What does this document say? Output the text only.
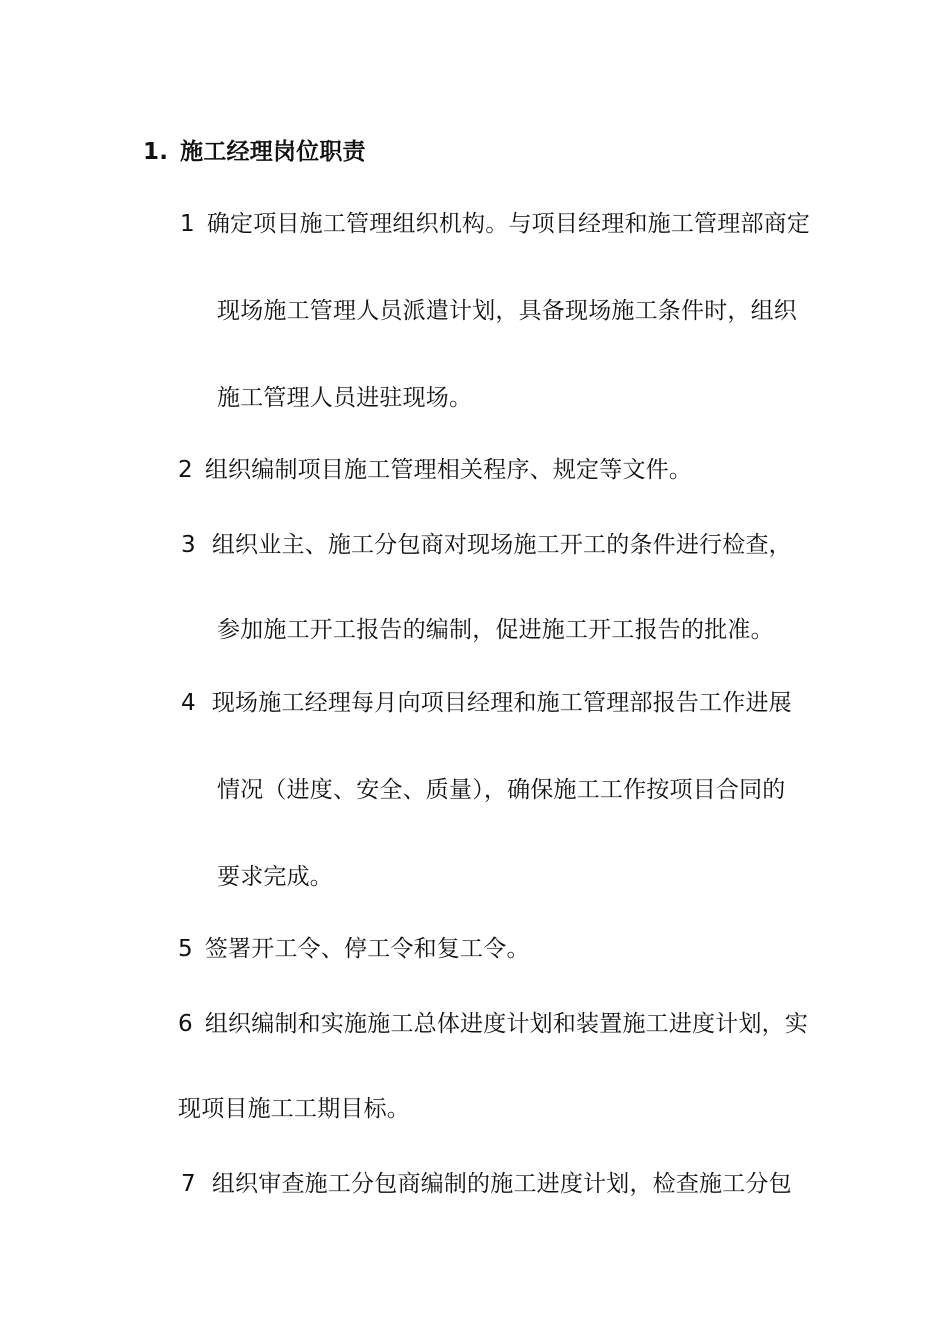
1. 施工经理岗位职责
1 确定项目施工管理组织机构。与项目经理和施工管理部商定
现场施工管理人员派遣计划，具备现场施工条件时，组织
施工管理人员进驻现场。
2 组织编制项目施工管理相关程序、规定等文件。
3 组织业主、施工分包商对现场施工开工的条件进行检查，
参加施工开工报告的编制，促进施工开工报告的批准。
4 现场施工经理每月向项目经理和施工管理部报告工作进展
情况（进度、安全、质量），确保施工工作按项目合同的
要求完成。
5 签署开工令、停工令和复工令。
6 组织编制和实施施工总体进度计划和装置施工进度计划，实
现项目施工工期目标。
7 组织审查施工分包商编制的施工进度计划，检查施工分包
